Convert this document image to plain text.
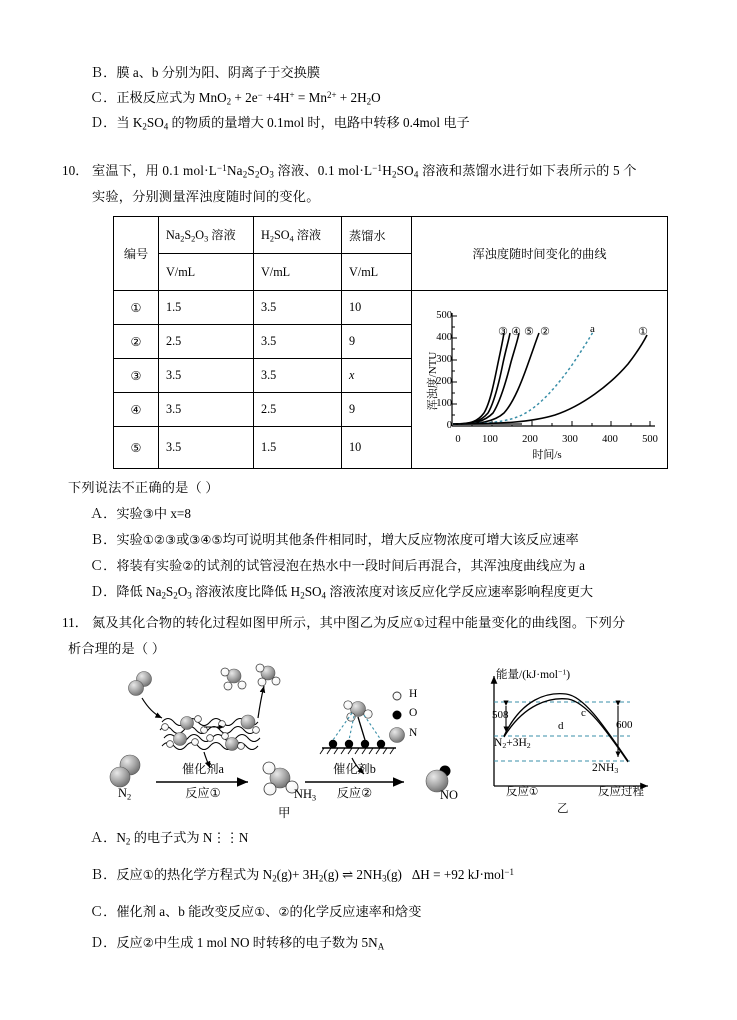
Ｂ．膜 a、b 分别为阳、阴离子于交换膜
Ｃ．正极反应式为 $MnO_2 + 2e^- +4H^+ = Mn^{2+} + 2H_2O$
Ｄ．当 $K_2SO_4$ 的物质的量增大 0.1mol 时，电路中转移 0.4mol 电子
10． 室温下，用 0.1 $mol\cdot L^{-1}Na_2S_2O_3$ 溶液、0.1 $mol\cdot L^{-1}H_2SO_4$ 溶液和蒸馏水进行如下表所示的 5 个
实验，分别测量浑浊度随时间的变化。
编号	$Na_2S_2O_3$ 溶液	$H_2SO_4$ 溶液	蒸馏水	浑浊度随时间变化的曲线
	V/mL	V/mL	V/mL	
①	1.5	3.5	10	
浑浊度/NTU
500
400
300
200
100
0
0	100	200	300	400	500
时间/s
③ ④ ⑤ ②	a	①

②	2.5	3.5	9	
③	3.5	3.5	x	
④	3.5	2.5	9	
⑤	3.5	1.5	10	
下列说法不正确的是（ ）
Ａ．实验③中 x=8
Ｂ．实验①②③或③④⑤均可说明其他条件相同时，增大反应物浓度可增大该反应速率
Ｃ．将装有实验②的试剂的试管浸泡在热水中一段时间后再混合，其浑浊度曲线应为 a
Ｄ．降低 $Na_2S_2O_3$ 溶液浓度比降低 $H_2SO_4$ 溶液浓度对该反应化学反应速率影响程度更大
11． 氮及其化合物的转化过程如图甲所示，其中图乙为反应①过程中能量变化的曲线图。下列分
析合理的是（ ）
$N_2$
催化剂a
反应①	$NH_3$
催化剂b
反应②	NO
甲
H
O
N
能量/(kJ·mol$^{-1}$)
508
600
$N_2+3H_2$
$2NH_3$
c
d
反应①	反应过程
乙
Ａ．$N_2$ 的电子式为 N⋮⋮N
Ｂ．反应①的热化学方程式为 $N_2(g)+ 3H_2(g)$ ⇌ $2NH_3(g) \Delta H = +92$ kJ·mol$^{-1}$
Ｃ．催化剂 a、b 能改变反应①、②的化学反应速率和焓变
Ｄ．反应②中生成 1 mol NO 时转移的电子数为 $5N_A$
